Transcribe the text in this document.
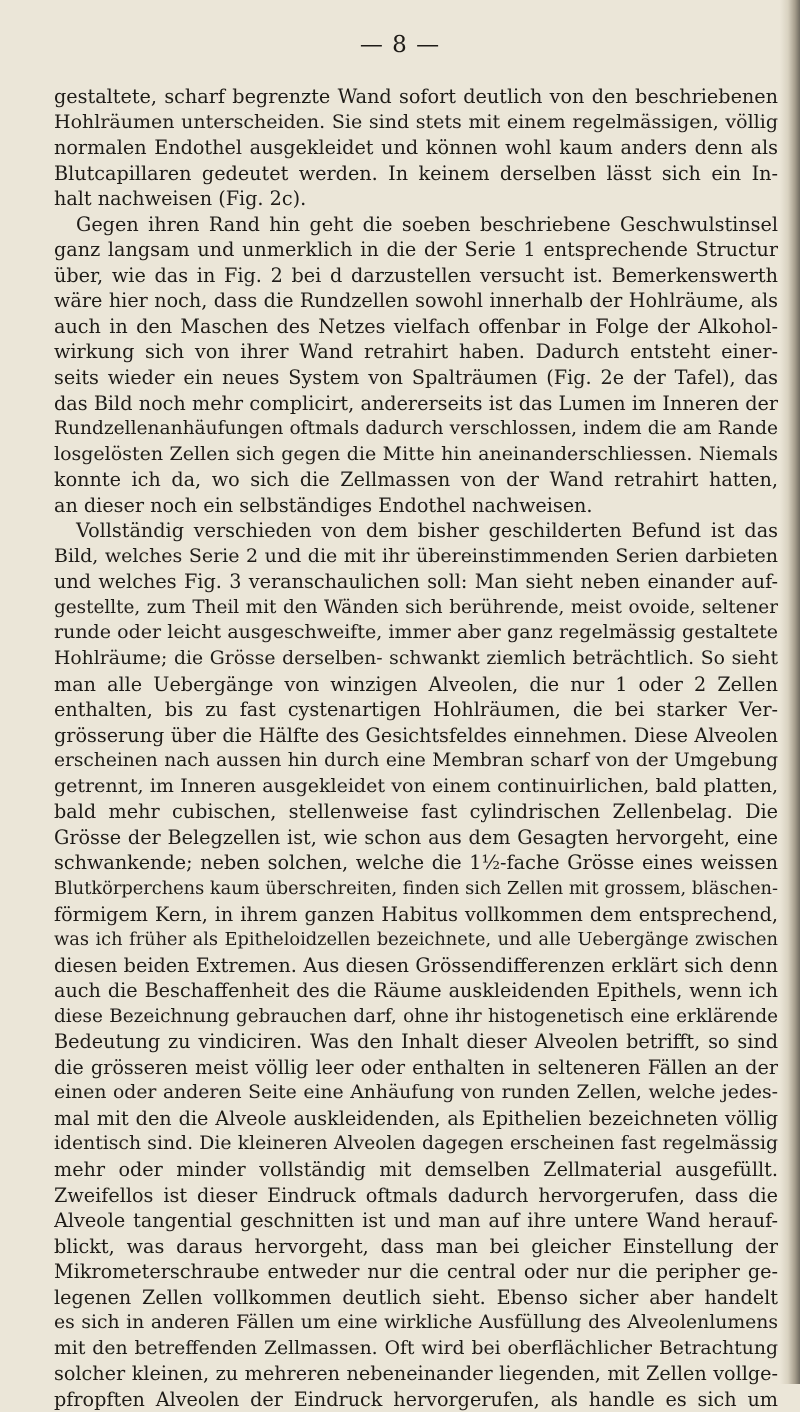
— 8 —
gestaltete, scharf begrenzte Wand sofort deutlich von den beschriebenen
Hohlräumen unterscheiden. Sie sind stets mit einem regelmässigen, völlig
normalen Endothel ausgekleidet und können wohl kaum anders denn als
Blutcapillaren gedeutet werden. In keinem derselben lässt sich ein In-
halt nachweisen (Fig. 2c).
Gegen ihren Rand hin geht die soeben beschriebene Geschwulstinsel
ganz langsam und unmerklich in die der Serie 1 entsprechende Structur
über, wie das in Fig. 2 bei d darzustellen versucht ist. Bemerkenswerth
wäre hier noch, dass die Rundzellen sowohl innerhalb der Hohlräume, als
auch in den Maschen des Netzes vielfach offenbar in Folge der Alkohol-
wirkung sich von ihrer Wand retrahirt haben. Dadurch entsteht einer-
seits wieder ein neues System von Spalträumen (Fig. 2e der Tafel), das
das Bild noch mehr complicirt, andererseits ist das Lumen im Inneren der
Rundzellenanhäufungen oftmals dadurch verschlossen, indem die am Rande
losgelösten Zellen sich gegen die Mitte hin aneinanderschliessen. Niemals
konnte ich da, wo sich die Zellmassen von der Wand retrahirt hatten,
an dieser noch ein selbständiges Endothel nachweisen.
Vollständig verschieden von dem bisher geschilderten Befund ist das
Bild, welches Serie 2 und die mit ihr übereinstimmenden Serien darbieten
und welches Fig. 3 veranschaulichen soll: Man sieht neben einander auf-
gestellte, zum Theil mit den Wänden sich berührende, meist ovoide, seltener
runde oder leicht ausgeschweifte, immer aber ganz regelmässig gestaltete
Hohlräume; die Grösse derselben- schwankt ziemlich beträchtlich. So sieht
man alle Uebergänge von winzigen Alveolen, die nur 1 oder 2 Zellen
enthalten, bis zu fast cystenartigen Hohlräumen, die bei starker Ver-
grösserung über die Hälfte des Gesichtsfeldes einnehmen. Diese Alveolen
erscheinen nach aussen hin durch eine Membran scharf von der Umgebung
getrennt, im Inneren ausgekleidet von einem continuirlichen, bald platten,
bald mehr cubischen, stellenweise fast cylindrischen Zellenbelag. Die
Grösse der Belegzellen ist, wie schon aus dem Gesagten hervorgeht, eine
schwankende; neben solchen, welche die 1½-fache Grösse eines weissen
Blutkörperchens kaum überschreiten, finden sich Zellen mit grossem, bläschen-
förmigem Kern, in ihrem ganzen Habitus vollkommen dem entsprechend,
was ich früher als Epitheloidzellen bezeichnete, und alle Uebergänge zwischen
diesen beiden Extremen. Aus diesen Grössendifferenzen erklärt sich denn
auch die Beschaffenheit des die Räume auskleidenden Epithels, wenn ich
diese Bezeichnung gebrauchen darf, ohne ihr histogenetisch eine erklärende
Bedeutung zu vindiciren. Was den Inhalt dieser Alveolen betrifft, so sind
die grösseren meist völlig leer oder enthalten in selteneren Fällen an der
einen oder anderen Seite eine Anhäufung von runden Zellen, welche jedes-
mal mit den die Alveole auskleidenden, als Epithelien bezeichneten völlig
identisch sind. Die kleineren Alveolen dagegen erscheinen fast regelmässig
mehr oder minder vollständig mit demselben Zellmaterial ausgefüllt.
Zweifellos ist dieser Eindruck oftmals dadurch hervorgerufen, dass die
Alveole tangential geschnitten ist und man auf ihre untere Wand herauf-
blickt, was daraus hervorgeht, dass man bei gleicher Einstellung der
Mikrometerschraube entweder nur die central oder nur die peripher ge-
legenen Zellen vollkommen deutlich sieht. Ebenso sicher aber handelt
es sich in anderen Fällen um eine wirkliche Ausfüllung des Alveolenlumens
mit den betreffenden Zellmassen. Oft wird bei oberflächlicher Betrachtung
solcher kleinen, zu mehreren nebeneinander liegenden, mit Zellen vollge-
pfropften Alveolen der Eindruck hervorgerufen, als handle es sich um
